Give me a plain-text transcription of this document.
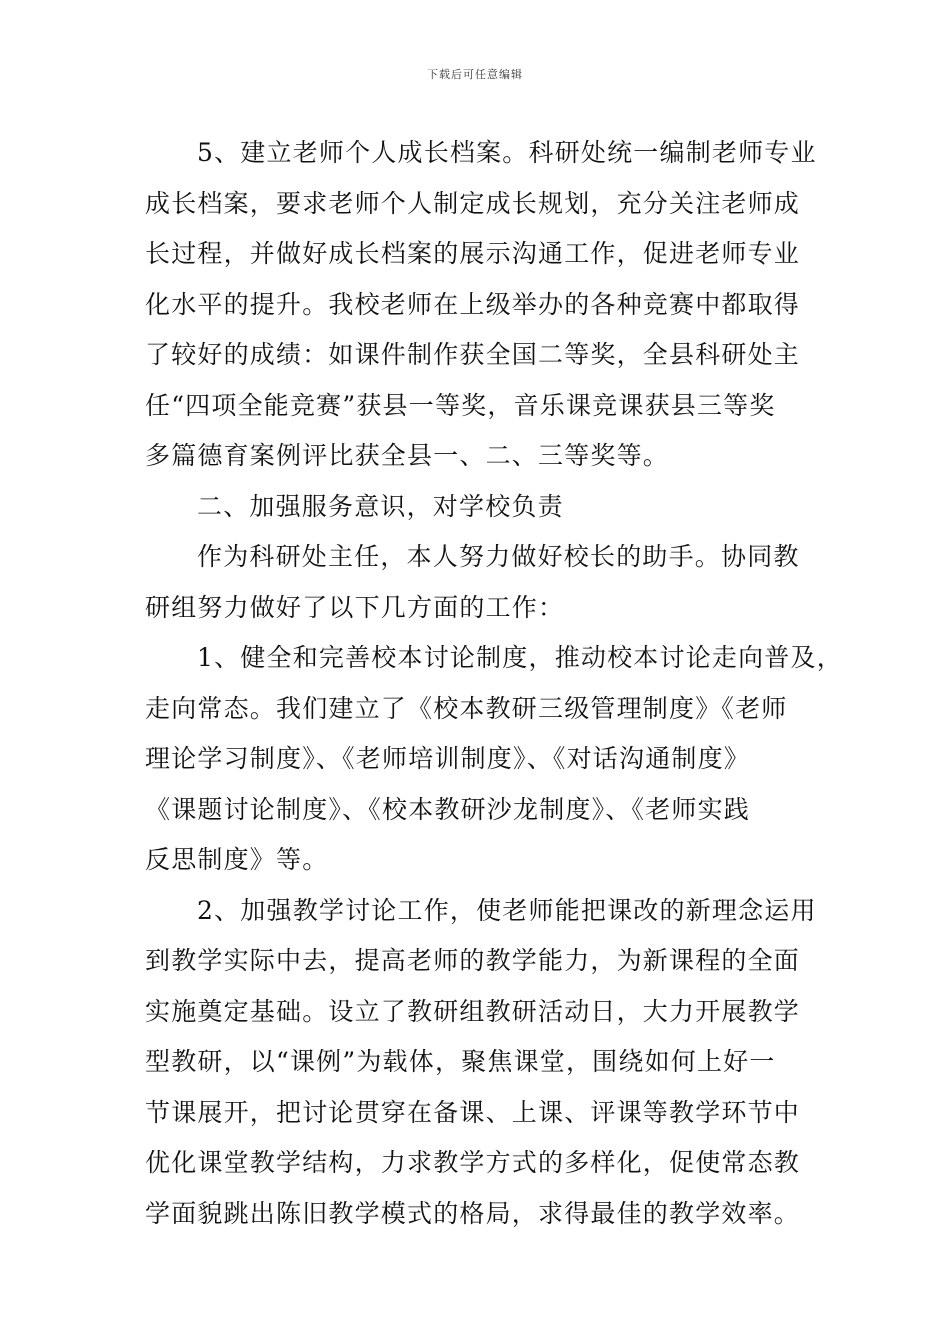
下载后可任意编辑

5、建立老师个人成长档案。科研处统一编制老师专业
成长档案，要求老师个人制定成长规划，充分关注老师成
长过程，并做好成长档案的展示沟通工作，促进老师专业
化水平的提升。我校老师在上级举办的各种竞赛中都取得
了较好的成绩：如课件制作获全国二等奖，全县科研处主
任“四项全能竞赛”获县一等奖，音乐课竞课获县三等奖
多篇德育案例评比获全县一、二、三等奖等。

二、加强服务意识，对学校负责

作为科研处主任，本人努力做好校长的助手。协同教
研组努力做好了以下几方面的工作：

1、健全和完善校本讨论制度，推动校本讨论走向普及，
走向常态。我们建立了《校本教研三级管理制度》《老师
理论学习制度》、《老师培训制度》、《对话沟通制度》
《课题讨论制度》、《校本教研沙龙制度》、《老师实践
反思制度》等。

2、加强教学讨论工作，使老师能把课改的新理念运用
到教学实际中去，提高老师的教学能力，为新课程的全面
实施奠定基础。设立了教研组教研活动日，大力开展教学
型教研，以“课例”为载体，聚焦课堂，围绕如何上好一
节课展开，把讨论贯穿在备课、上课、评课等教学环节中
优化课堂教学结构，力求教学方式的多样化，促使常态教
学面貌跳出陈旧教学模式的格局，求得最佳的教学效率。
